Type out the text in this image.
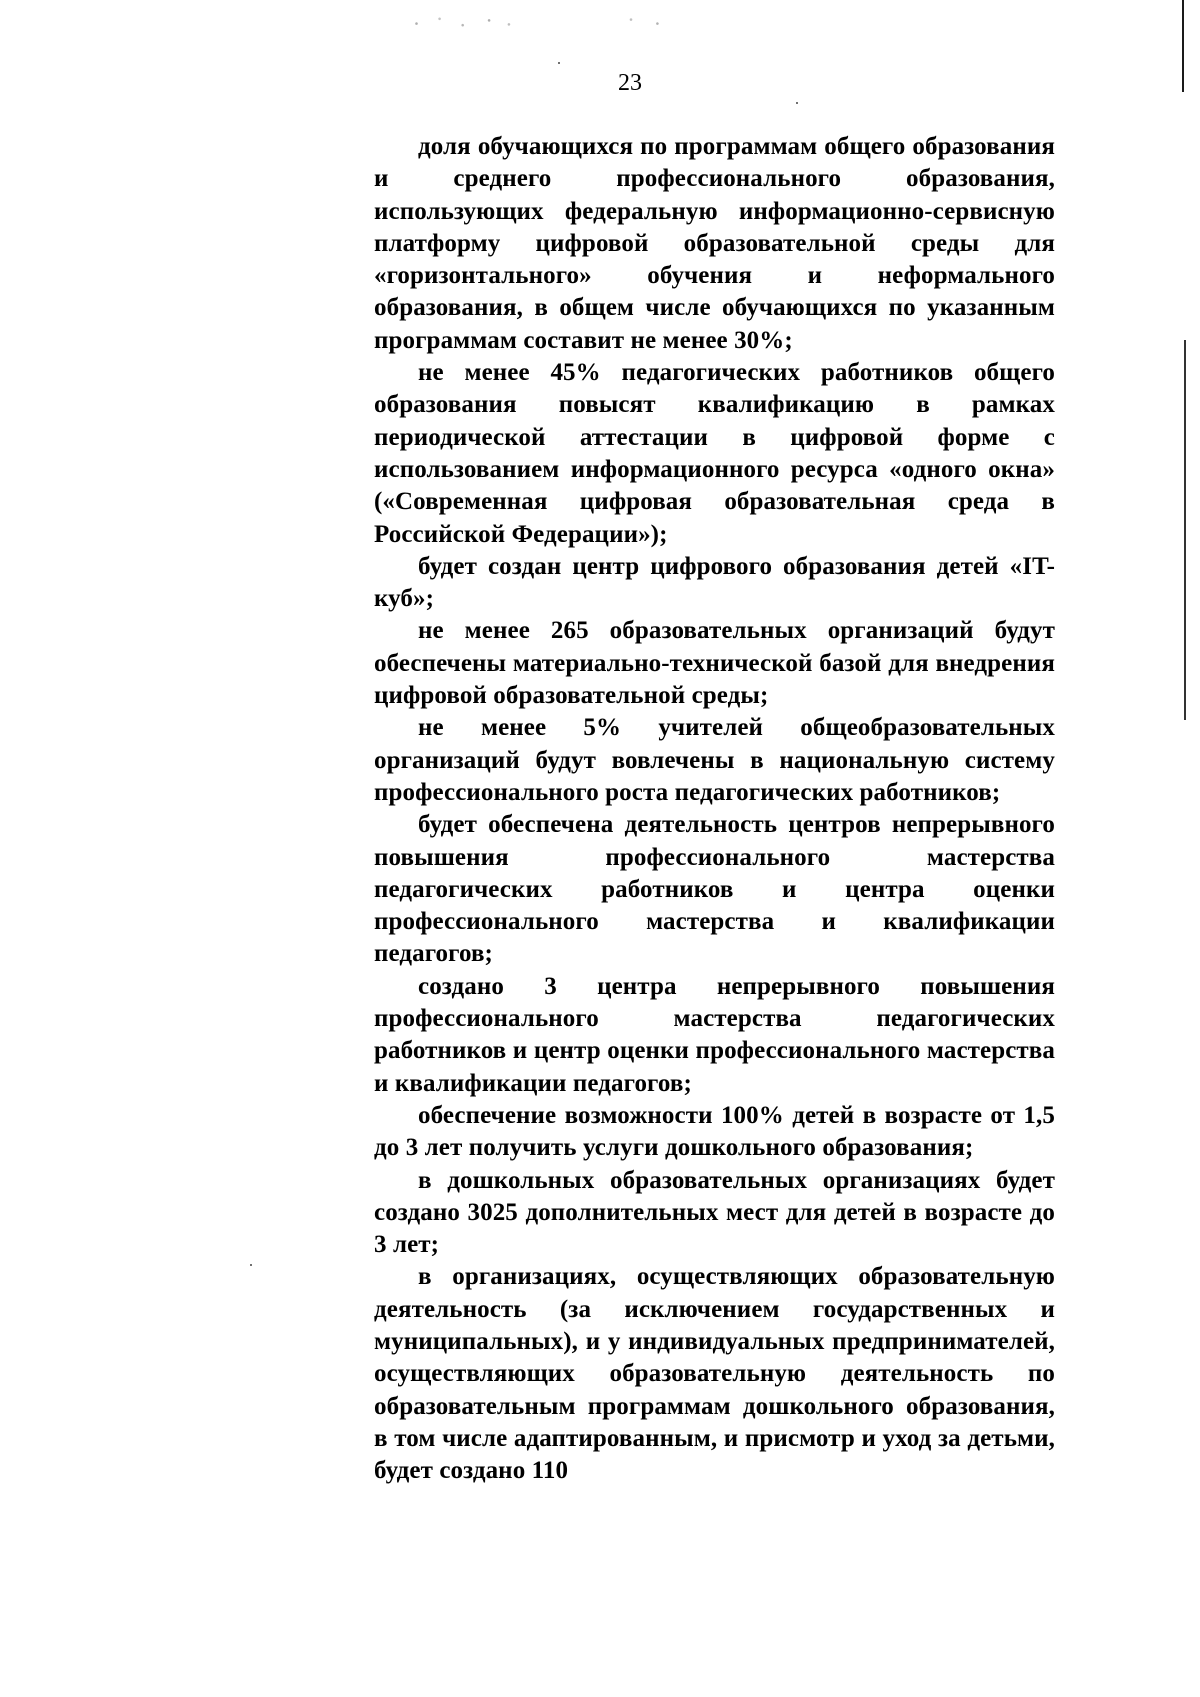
23

доля обучающихся по программам общего образования и среднего профессионального образования, использующих федеральную информационно-сервисную платформу цифровой образовательной среды для «горизонтального» обучения и неформального образования, в общем числе обучающихся по указанным программам составит не менее 30%;

не менее 45% педагогических работников общего образования повысят квалификацию в рамках периодической аттестации в цифровой форме с использованием информационного ресурса «одного окна» («Современная цифровая образовательная среда в Российской Федерации»);

будет создан центр цифрового образования детей «IT-куб»;

не менее 265 образовательных организаций будут обеспечены материально-технической базой для внедрения цифровой образовательной среды;

не менее 5% учителей общеобразовательных организаций будут вовлечены в национальную систему профессионального роста педагогических работников;

будет обеспечена деятельность центров непрерывного повышения профессионального мастерства педагогических работников и центра оценки профессионального мастерства и квалификации педагогов;

создано 3 центра непрерывного повышения профессионального мастерства педагогических работников и центр оценки профессионального мастерства и квалификации педагогов;

обеспечение возможности 100% детей в возрасте от 1,5 до 3 лет получить услуги дошкольного образования;

в дошкольных образовательных организациях будет создано 3025 дополнительных мест для детей в возрасте до 3 лет;

в организациях, осуществляющих образовательную деятельность (за исключением государственных и муниципальных), и у индивидуальных предпринимателей, осуществляющих образовательную деятельность по образовательным программам дошкольного образования, в том числе адаптированным, и присмотр и уход за детьми, будет создано 110
